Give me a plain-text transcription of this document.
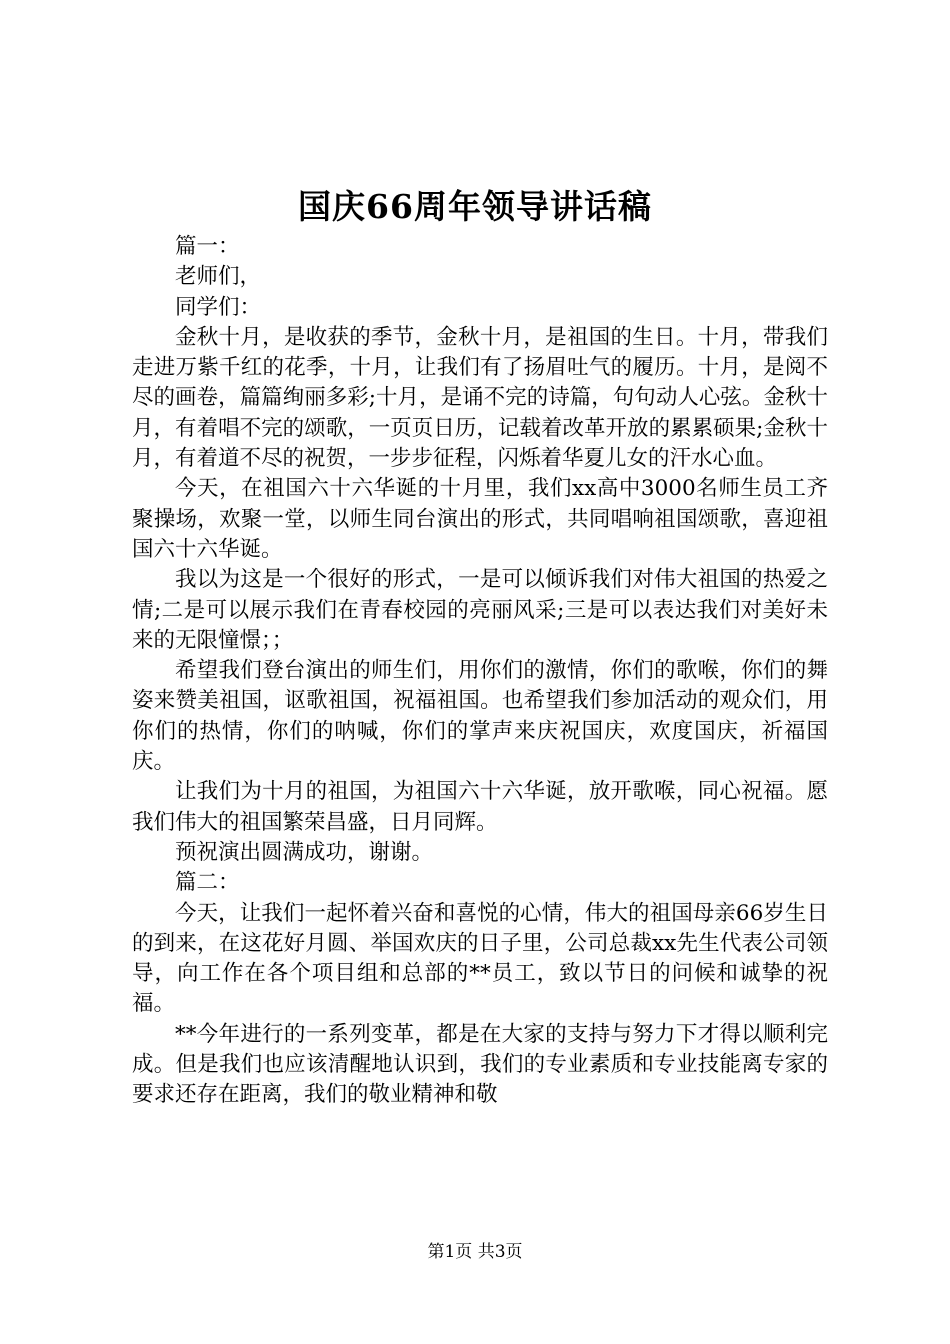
国庆66周年领导讲话稿

篇一：

老师们，

同学们：

金秋十月，是收获的季节，金秋十月，是祖国的生日。十月，带我们走进万紫千红的花季，十月，让我们有了扬眉吐气的履历。十月，是阅不尽的画卷，篇篇绚丽多彩;十月，是诵不完的诗篇，句句动人心弦。金秋十月，有着唱不完的颂歌，一页页日历，记载着改革开放的累累硕果;金秋十月，有着道不尽的祝贺，一步步征程，闪烁着华夏儿女的汗水心血。

今天，在祖国六十六华诞的十月里，我们xx高中3000名师生员工齐聚操场，欢聚一堂，以师生同台演出的形式，共同唱响祖国颂歌，喜迎祖国六十六华诞。

我以为这是一个很好的形式，一是可以倾诉我们对伟大祖国的热爱之情;二是可以展示我们在青春校园的亮丽风采;三是可以表达我们对美好未来的无限憧憬；；

希望我们登台演出的师生们，用你们的激情，你们的歌喉，你们的舞姿来赞美祖国，讴歌祖国，祝福祖国。也希望我们参加活动的观众们，用你们的热情，你们的呐喊，你们的掌声来庆祝国庆，欢度国庆，祈福国庆。

让我们为十月的祖国，为祖国六十六华诞，放开歌喉，同心祝福。愿我们伟大的祖国繁荣昌盛，日月同辉。

预祝演出圆满成功，谢谢。

篇二：

今天，让我们一起怀着兴奋和喜悦的心情，伟大的祖国母亲66岁生日的到来，在这花好月圆、举国欢庆的日子里，公司总裁xx先生代表公司领导，向工作在各个项目组和总部的**员工，致以节日的问候和诚挚的祝福。

**今年进行的一系列变革，都是在大家的支持与努力下才得以顺利完成。但是我们也应该清醒地认识到，我们的专业素质和专业技能离专家的要求还存在距离，我们的敬业精神和敬

第1页 共3页
